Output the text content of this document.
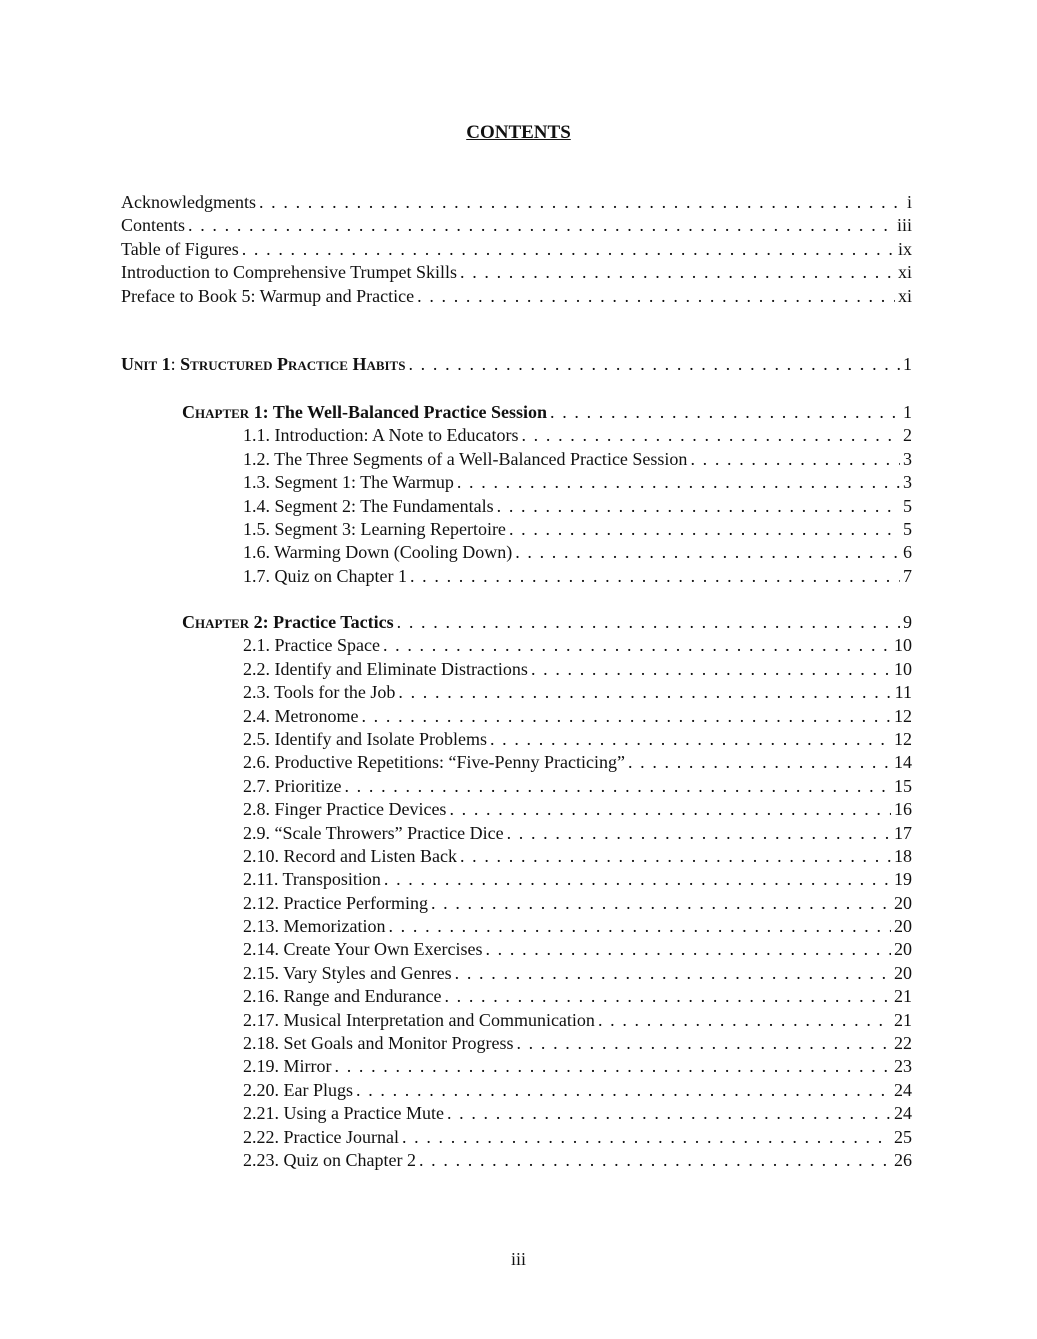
CONTENTS
Acknowledgments . . .	i
Contents . . .	iii
Table of Figures . . .	ix
Introduction to Comprehensive Trumpet Skills . . .	xi
Preface to Book 5: Warmup and Practice . . .	xi
Unit 1: Structured Practice Habits . . .	1
Chapter 1: The Well-Balanced Practice Session . . .	1
1.1. Introduction: A Note to Educators . . .	2
1.2. The Three Segments of a Well-Balanced Practice Session . . .	3
1.3. Segment 1: The Warmup . . .	3
1.4. Segment 2: The Fundamentals . . .	5
1.5. Segment 3: Learning Repertoire . . .	5
1.6. Warming Down (Cooling Down) . . .	6
1.7. Quiz on Chapter 1 . . .	7
Chapter 2: Practice Tactics . . .	9
2.1. Practice Space . . .	10
2.2. Identify and Eliminate Distractions . . .	10
2.3. Tools for the Job . . .	11
2.4. Metronome . . .	12
2.5. Identify and Isolate Problems . . .	12
2.6. Productive Repetitions: “Five-Penny Practicing” . . .	14
2.7. Prioritize . . .	15
2.8. Finger Practice Devices . . .	16
2.9. “Scale Throwers” Practice Dice . . .	17
2.10. Record and Listen Back . . .	18
2.11. Transposition . . .	19
2.12. Practice Performing . . .	20
2.13. Memorization . . .	20
2.14. Create Your Own Exercises . . .	20
2.15. Vary Styles and Genres . . .	20
2.16. Range and Endurance . . .	21
2.17. Musical Interpretation and Communication . . .	21
2.18. Set Goals and Monitor Progress . . .	22
2.19. Mirror . . .	23
2.20. Ear Plugs . . .	24
2.21. Using a Practice Mute . . .	24
2.22. Practice Journal . . .	25
2.23. Quiz on Chapter 2 . . .	26

iii
